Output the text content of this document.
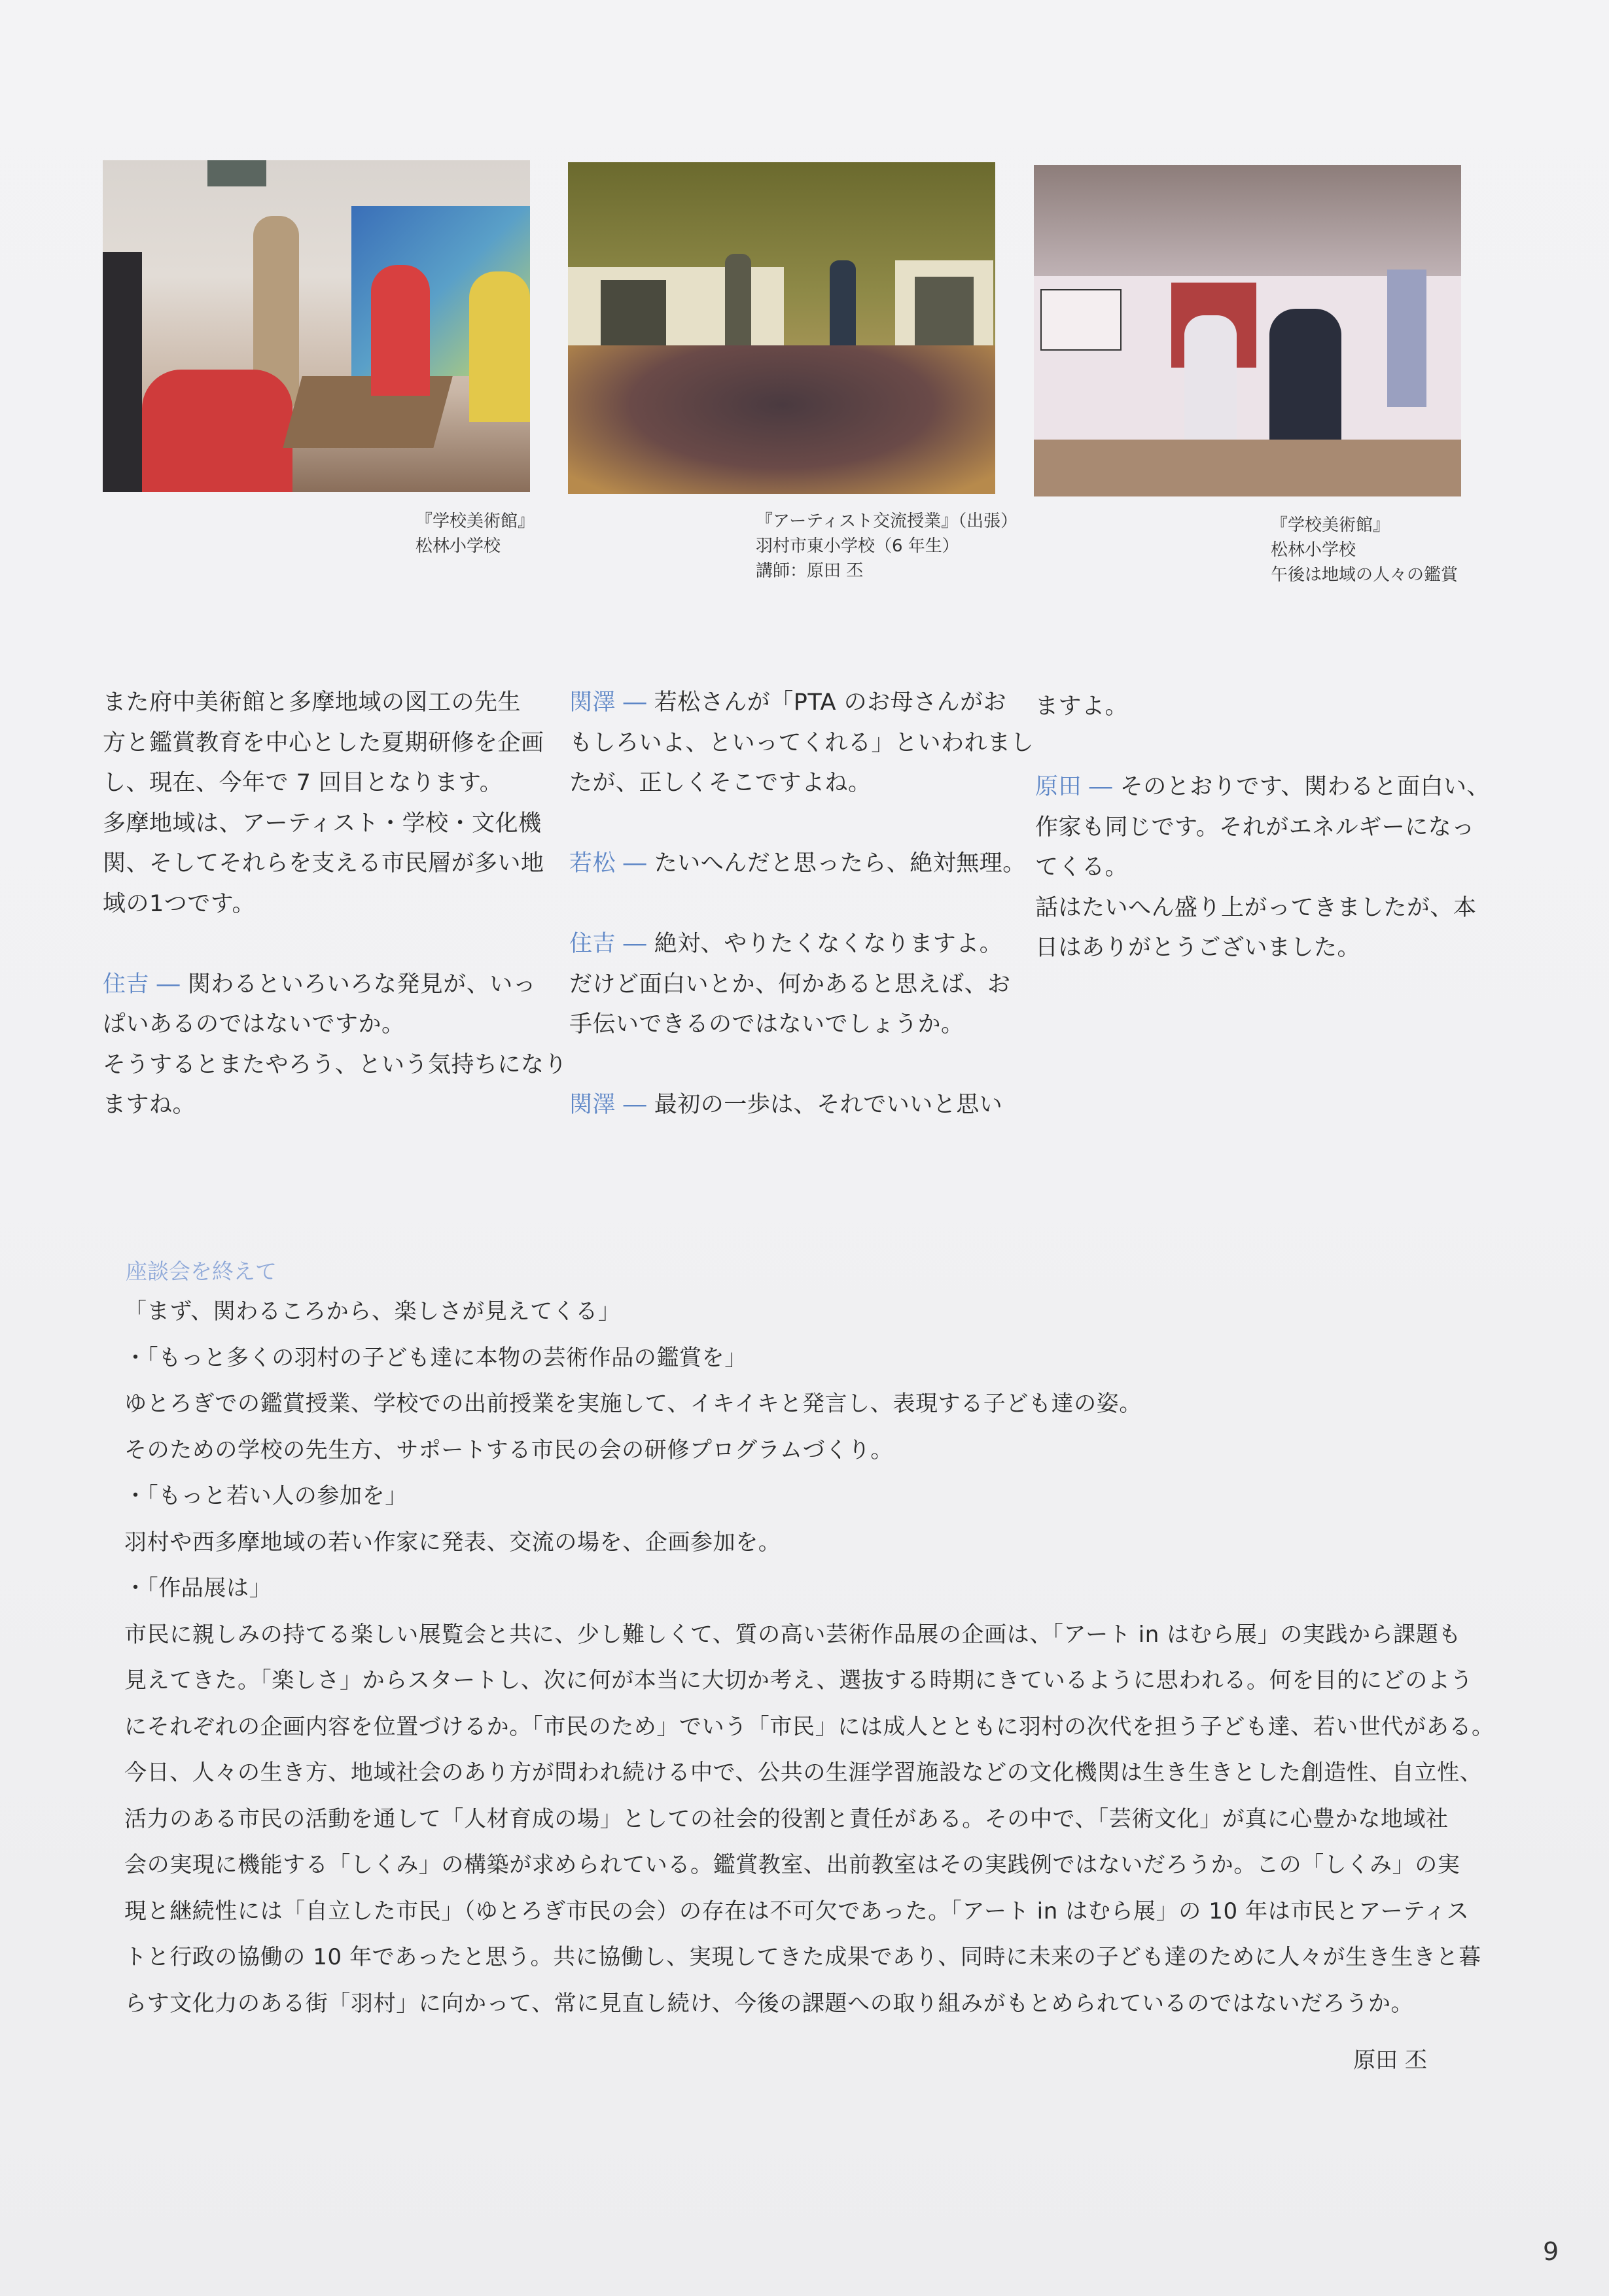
『学校美術館』
松林小学校
『アーティスト交流授業』（出張）
羽村市東小学校（6 年生）
講師：原田 丕
『学校美術館』
松林小学校
午後は地域の人々の鑑賞
また府中美術館と多摩地域の図工の先生
方と鑑賞教育を中心とした夏期研修を企画
し、現在、今年で 7 回目となります。
多摩地域は、アーティスト・学校・文化機
関、そしてそれらを支える市民層が多い地
域の1つです。
住吉 ― 関わるといろいろな発見が、いっ
ぱいあるのではないですか。
そうするとまたやろう、という気持ちになり
ますね。
関澤 ― 若松さんが「PTA のお母さんがお
もしろいよ、といってくれる」といわれまし
たが、正しくそこですよね。
若松 ― たいへんだと思ったら、絶対無理。
住吉 ― 絶対、やりたくなくなりますよ。
だけど面白いとか、何かあると思えば、お
手伝いできるのではないでしょうか。
関澤 ― 最初の一歩は、それでいいと思い
ますよ。
原田 ― そのとおりです、関わると面白い、
作家も同じです。それがエネルギーになっ
てくる。
話はたいへん盛り上がってきましたが、本
日はありがとうございました。
座談会を終えて
「まず、関わるころから、楽しさが見えてくる」
・「もっと多くの羽村の子ども達に本物の芸術作品の鑑賞を」
ゆとろぎでの鑑賞授業、学校での出前授業を実施して、イキイキと発言し、表現する子ども達の姿。
そのための学校の先生方、サポートする市民の会の研修プログラムづくり。
・「もっと若い人の参加を」
羽村や西多摩地域の若い作家に発表、交流の場を、企画参加を。
・「作品展は」
市民に親しみの持てる楽しい展覧会と共に、少し難しくて、質の高い芸術作品展の企画は、「アート in はむら展」の実践から課題も
見えてきた。「楽しさ」からスタートし、次に何が本当に大切か考え、選抜する時期にきているように思われる。何を目的にどのよう
にそれぞれの企画内容を位置づけるか。「市民のため」でいう「市民」には成人とともに羽村の次代を担う子ども達、若い世代がある。
今日、人々の生き方、地域社会のあり方が問われ続ける中で、公共の生涯学習施設などの文化機関は生き生きとした創造性、自立性、
活力のある市民の活動を通して「人材育成の場」としての社会的役割と責任がある。その中で、「芸術文化」が真に心豊かな地域社
会の実現に機能する「しくみ」の構築が求められている。鑑賞教室、出前教室はその実践例ではないだろうか。この「しくみ」の実
現と継続性には「自立した市民」（ゆとろぎ市民の会）の存在は不可欠であった。「アート in はむら展」の 10 年は市民とアーティス
トと行政の協働の 10 年であったと思う。共に協働し、実現してきた成果であり、同時に未来の子ども達のために人々が生き生きと暮
らす文化力のある街「羽村」に向かって、常に見直し続け、今後の課題への取り組みがもとめられているのではないだろうか。
原田 丕
9
